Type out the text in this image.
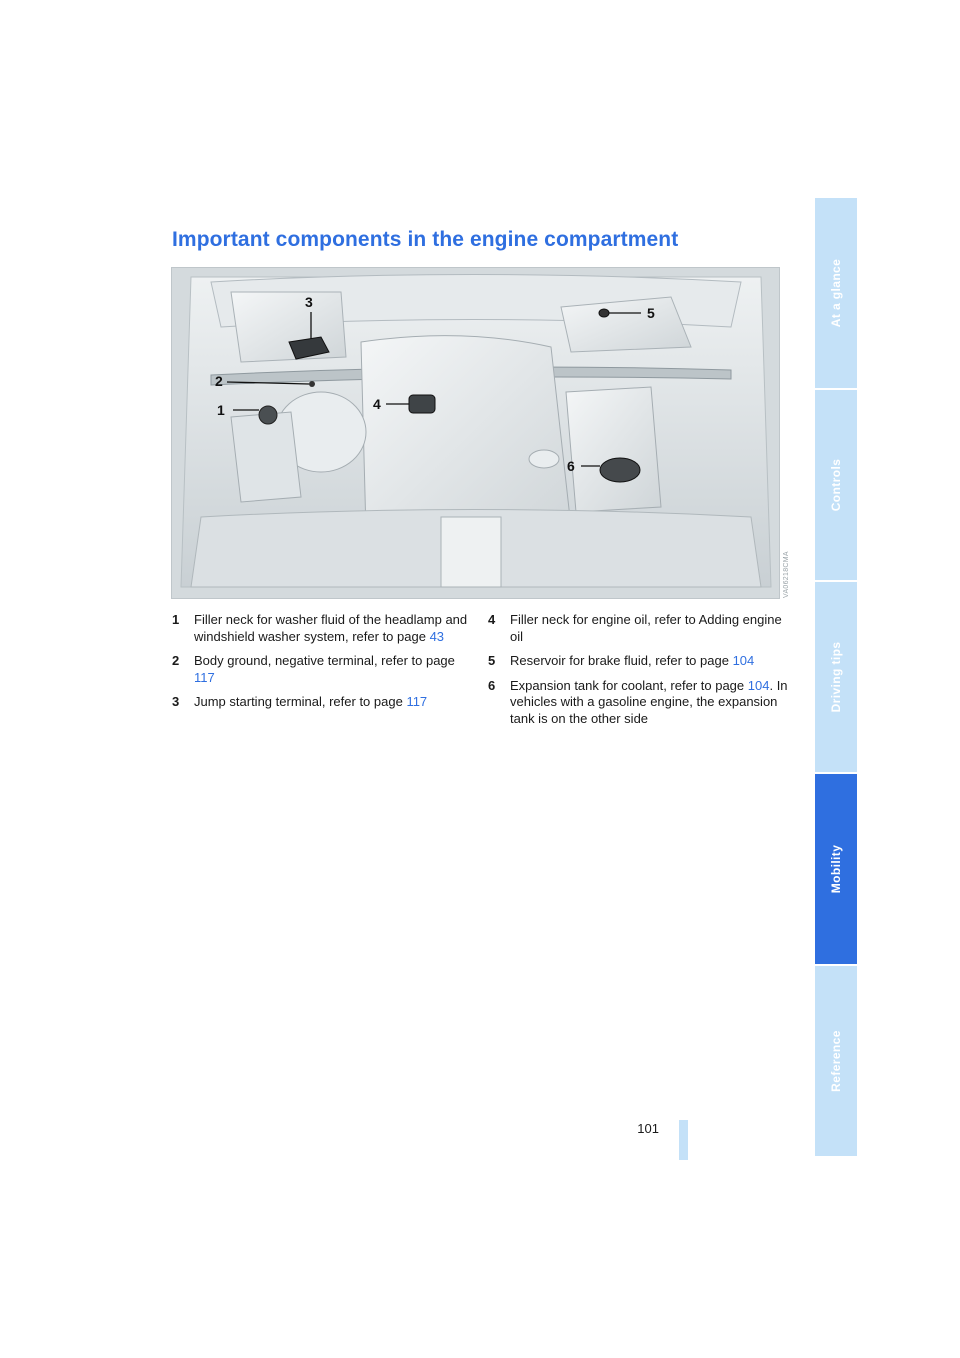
Important components in the engine compartment
1
2
3
4
5
6
VA06218CMA
1 Filler neck for washer fluid of the headlamp and windshield washer system, refer to page 43
2 Body ground, negative terminal, refer to page 117
3 Jump starting terminal, refer to page 117
4 Filler neck for engine oil, refer to Adding engine oil
5 Reservoir for brake fluid, refer to page 104
6 Expansion tank for coolant, refer to page 104. In vehicles with a gasoline engine, the expansion tank is on the other side
101
At a glance
Controls
Driving tips
Mobility
Reference
